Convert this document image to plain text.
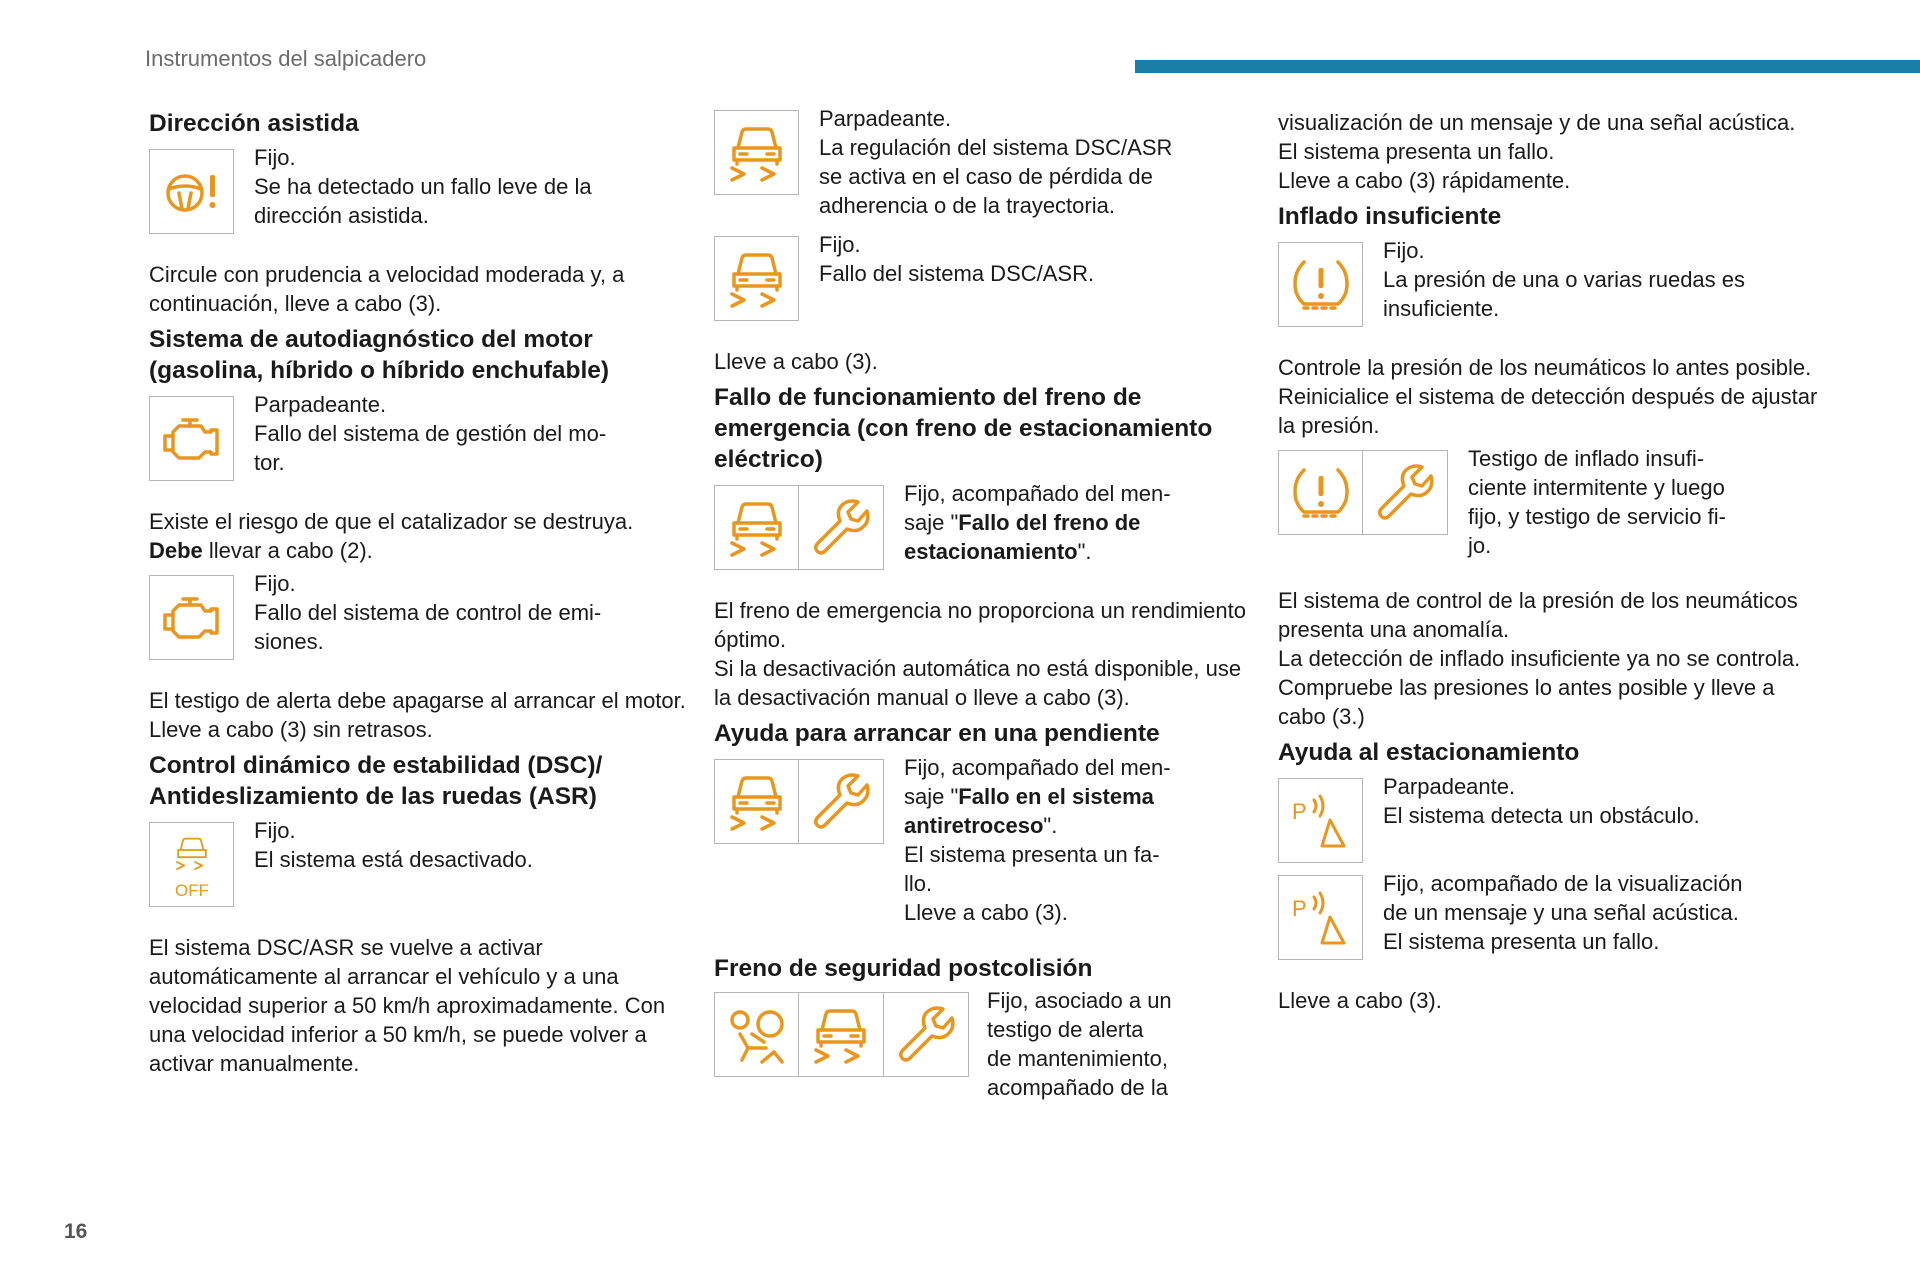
Instrumentos del salpicadero
16
Dirección asistida

Fijo.

Se ha detectado un fallo leve de la

dirección asistida.

Circule con prudencia a velocidad moderada y, a continuación, lleve a cabo (3).

Sistema de autodiagnóstico del motor (gasolina, híbrido o híbrido enchufable)

Parpadeante.

Fallo del sistema de gestión del mo-

tor.

Existe el riesgo de que el catalizador se destruya.

Debe llevar a cabo (2).

Fijo.

Fallo del sistema de control de emi-

siones.

El testigo de alerta debe apagarse al arrancar el motor.

Lleve a cabo (3) sin retrasos.

Control dinámico de estabilidad (DSC)/ Antideslizamiento de las ruedas (ASR)
OFF

Fijo.

El sistema está desactivado.

El sistema DSC/ASR se vuelve a activar automáticamente al arrancar el vehículo y a una velocidad superior a 50 km/h aproximadamente. Con una velocidad inferior a 50 km/h, se puede volver a activar manualmente.

Parpadeante.

La regulación del sistema DSC/ASR

se activa en el caso de pérdida de

adherencia o de la trayectoria.

Fijo.

Fallo del sistema DSC/ASR.

Lleve a cabo (3).

Fallo de funcionamiento del freno de emergencia (con freno de estacionamiento eléctrico)

Fijo, acompañado del men-

saje "Fallo del freno de

estacionamiento".

El freno de emergencia no proporciona un rendimiento óptimo.

Si la desactivación automática no está disponible, use la desactivación manual o lleve a cabo (3).

Ayuda para arrancar en una pendiente

Fijo, acompañado del men-

saje "Fallo en el sistema

antiretroceso".

El sistema presenta un fa-

llo.

Lleve a cabo (3).

Freno de seguridad postcolisión

Fijo, asociado a un

testigo de alerta

de mantenimiento,

acompañado de la

visualización de un mensaje y de una señal acústica.

El sistema presenta un fallo.

Lleve a cabo (3) rápidamente.

Inflado insuficiente

Fijo.

La presión de una o varias ruedas es

insuficiente.

Controle la presión de los neumáticos lo antes posible.

Reinicialice el sistema de detección después de ajustar la presión.

Testigo de inflado insufi-

ciente intermitente y luego

fijo, y testigo de servicio fi-

jo.

El sistema de control de la presión de los neumáticos presenta una anomalía.

La detección de inflado insuficiente ya no se controla.

Compruebe las presiones lo antes posible y lleve a cabo (3.)

Ayuda al estacionamiento

Parpadeante.

El sistema detecta un obstáculo.

Fijo, acompañado de la visualización

de un mensaje y una señal acústica.

El sistema presenta un fallo.

Lleve a cabo (3).
